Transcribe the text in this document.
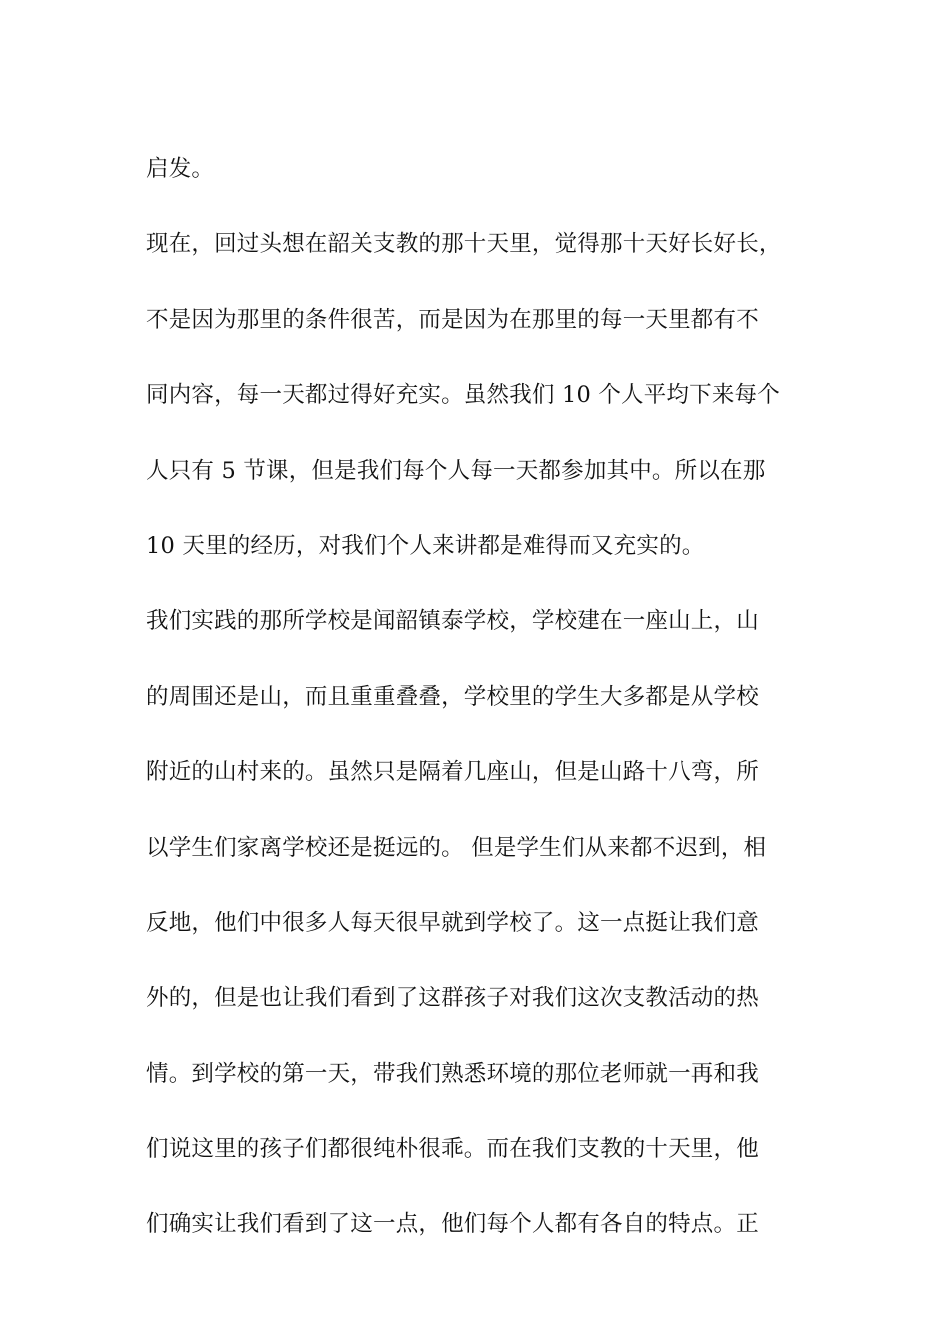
启发。
现在，回过头想在韶关支教的那十天里，觉得那十天好长好长，
不是因为那里的条件很苦，而是因为在那里的每一天里都有不
同内容，每一天都过得好充实。虽然我们 10 个人平均下来每个
人只有 5 节课，但是我们每个人每一天都参加其中。所以在那
10 天里的经历，对我们个人来讲都是难得而又充实的。
我们实践的那所学校是闻韶镇泰学校，学校建在一座山上，山
的周围还是山，而且重重叠叠，学校里的学生大多都是从学校
附近的山村来的。虽然只是隔着几座山，但是山路十八弯，所
以学生们家离学校还是挺远的。 但是学生们从来都不迟到，相
反地，他们中很多人每天很早就到学校了。这一点挺让我们意
外的，但是也让我们看到了这群孩子对我们这次支教活动的热
情。到学校的第一天，带我们熟悉环境的那位老师就一再和我
们说这里的孩子们都很纯朴很乖。而在我们支教的十天里，他
们确实让我们看到了这一点，他们每个人都有各自的特点。正
